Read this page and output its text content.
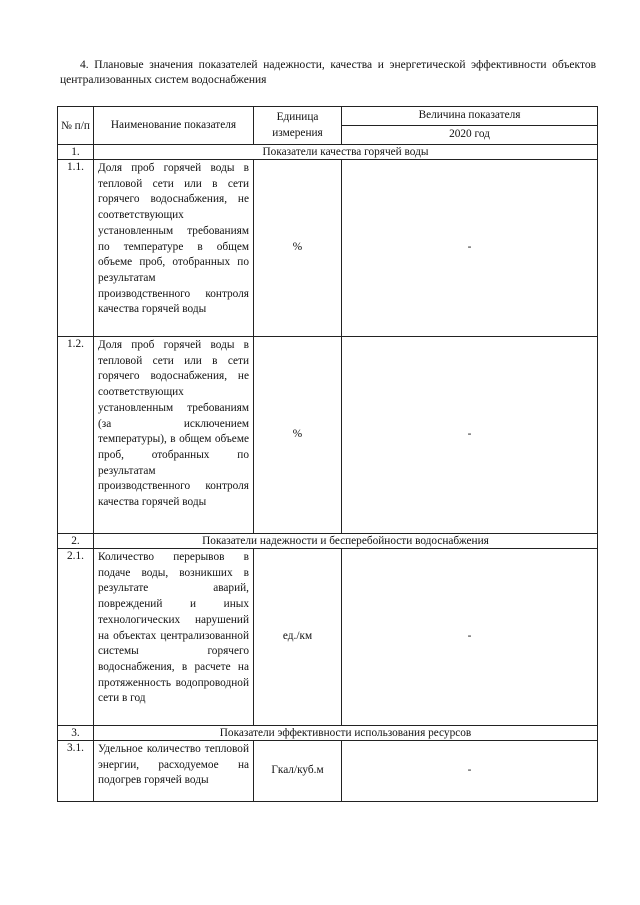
4. Плановые значения показателей надежности, качества и энергетической эффективности объектов централизованных систем водоснабжения
№ п/п	Наименование показателя	Единица измерения	Величина показателя
			2020 год
1.	Показатели качества горячей воды		
1.1.	Доля проб горячей воды в тепловой сети или в сети горячего водоснабжения, не соответствующих установленным требованиям по температуре в общем объеме проб, отобранных по результатам производственного контроля качества горячей воды	%	-
1.2.	Доля проб горячей воды в тепловой сети или в сети горячего водоснабжения, не соответствующих установленным требованиям (за исключением температуры), в общем объеме проб, отобранных по результатам производственного контроля качества горячей воды	%	-
2.	Показатели надежности и бесперебойности водоснабжения		
2.1.	Количество перерывов в подаче воды, возникших в результате аварий, повреждений и иных технологических нарушений на объектах централизованной системы горячего водоснабжения, в расчете на протяженность водопроводной сети в год	ед./км	-
3.	Показатели эффективности использования ресурсов		
3.1.	Удельное количество тепловой энергии, расходуемое на подогрев горячей воды	Гкал/куб.м	-
